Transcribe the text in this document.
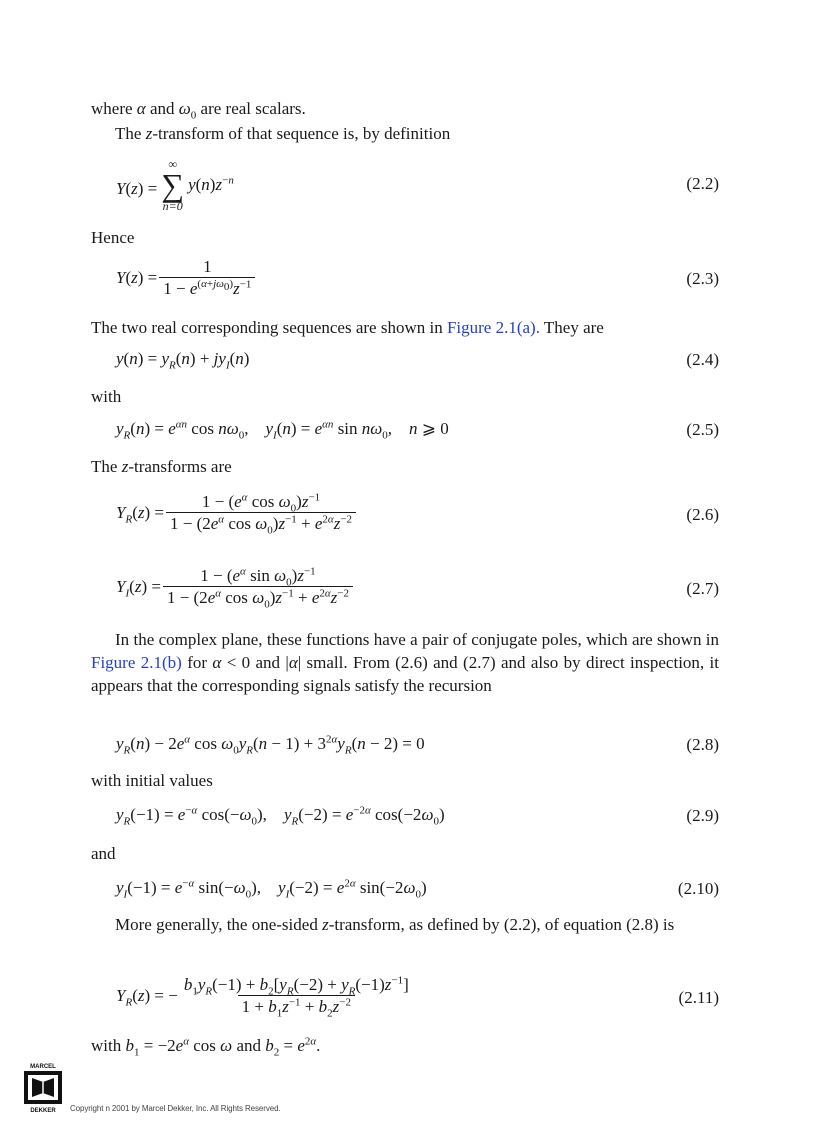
where α and $\omega_0$ are real scalars.

The z-transform of that sequence is, by definition

Y(z) =
∞
∑
n=0
$y(n)z^{-n}$	(2.2)

Hence

$Y(z) = \frac{1}{1 - e^{(\alpha+j\omega_0)}z^{-1}}$	(2.3)

The two real corresponding sequences are shown in Figure 2.1(a). They are

$y(n) = y_R(n) + jy_I(n)$	(2.4)

with

$y_R(n) = e^{\alpha n}$ $\cos n\omega_0$,    $y_I(n) = e^{\alpha n}$ $\sin n\omega_0$,    n ⩾ 0	(2.5)

The z-transforms are

$Y_R(z) = \frac{1 - (e^\alpha \cos \omega_0)z^{-1}}{1 - (2e^\alpha \cos \omega_0)z^{-1} + e^{2\alpha}z^{-2}}$	(2.6)
$Y_I(z) = \frac{1 - (e^\alpha \sin \omega_0)z^{-1}}{1 - (2e^\alpha \cos \omega_0)z^{-1} + e^{2\alpha}z^{-2}}$	(2.7)

In the complex plane, these functions have a pair of conjugate poles, which are shown in Figure 2.1(b) for α < 0 and |α| small. From (2.6) and (2.7) and also by direct inspection, it appears that the corresponding signals satisfy the recursion

$y_R(n) - 2e^\alpha$ $\cos \omega_0y_R(n - 1) + 3^{2\alpha}y_R(n - 2) = 0$	(2.8)

with initial values

$y_R(-1) = e^{-\alpha}$ $\cos(-\omega_0)$,    $y_R(-2) = e^{-2\alpha}$ $\cos(-2\omega_0)$	(2.9)

and

$y_I(-1) = e^{-\alpha}$ $\sin(-\omega_0)$,    $y_I(-2) = e^{2\alpha}$ $\sin(-2\omega_0)$	(2.10)

More generally, the one-sided z-transform, as defined by (2.2), of equation (2.8) is

$Y_R(z)$ = − $\frac{b_1y_R(-1) + b_2[y_R(-2) + y_R(-1)z^{-1}]}{1 + b_1z^{-1} + b_2z^{-2}}$	(2.11)

with $b_1 = -2e^\alpha$ cos ω and $b_2 = e^{2\alpha}$.

MARCEL
DEKKER Copyright n 2001 by Marcel Dekker, Inc. All Rights Reserved.
